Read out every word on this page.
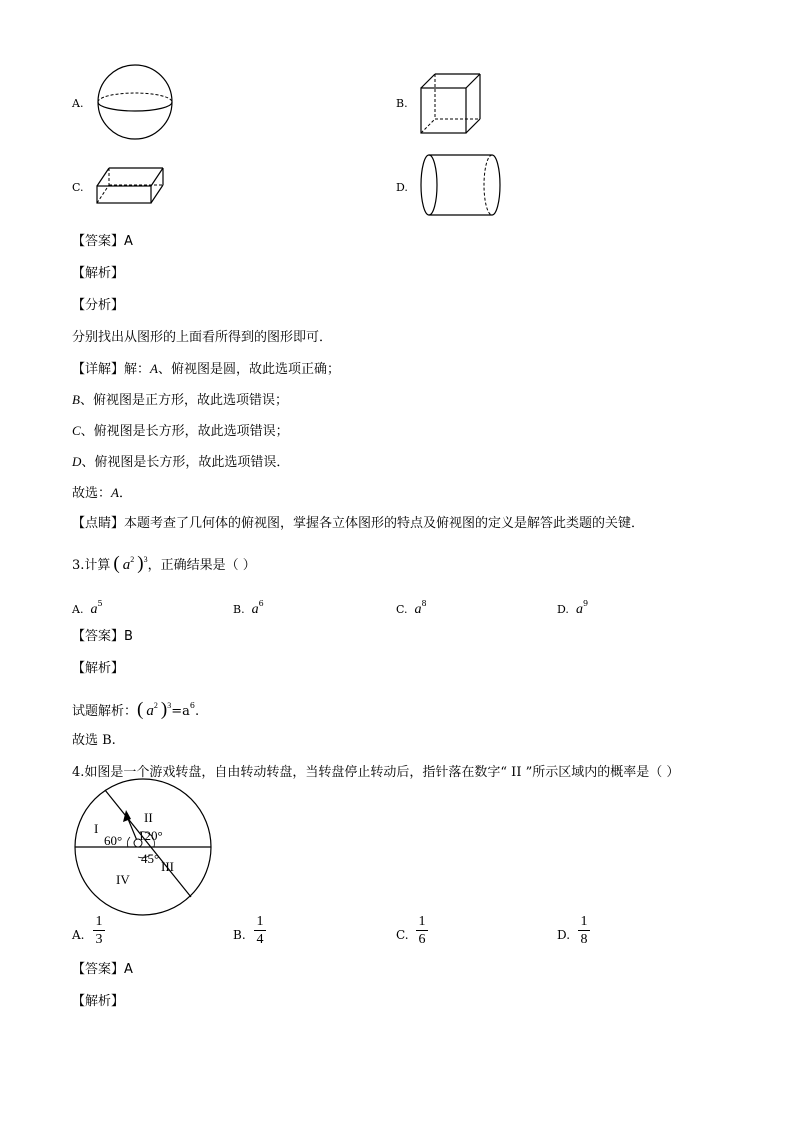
A.	B.
C.	D.
【答案】A
【解析】
【分析】
分别找出从图形的上面看所得到的图形即可．
【详解】解：A、俯视图是圆，故此选项正确；
B、俯视图是正方形，故此选项错误；
C、俯视图是长方形，故此选项错误；
D、俯视图是长方形，故此选项错误．
故选：A．
【点睛】本题考查了几何体的俯视图，掌握各立体图形的特点及俯视图的定义是解答此类题的关键．
3.计算  (  $a^2$  )$^3$，正确结果是（ ）
A. $a^5$	B. $a^6$	C. $a^8$	D. $a^9$
【答案】B
【解析】
试题解析：(  $a^2$  )$^3=a^6$.
故选 B.
4.如图是一个游戏转盘，自由转动转盘，当转盘停止转动后，指针落在数字“ II ”所示区域内的概率是（ ）
I
II
III
IV
60° 120°
45°
A.
1
3	B.
1
4	C.
1
6	D.
1
8
【答案】A
【解析】
